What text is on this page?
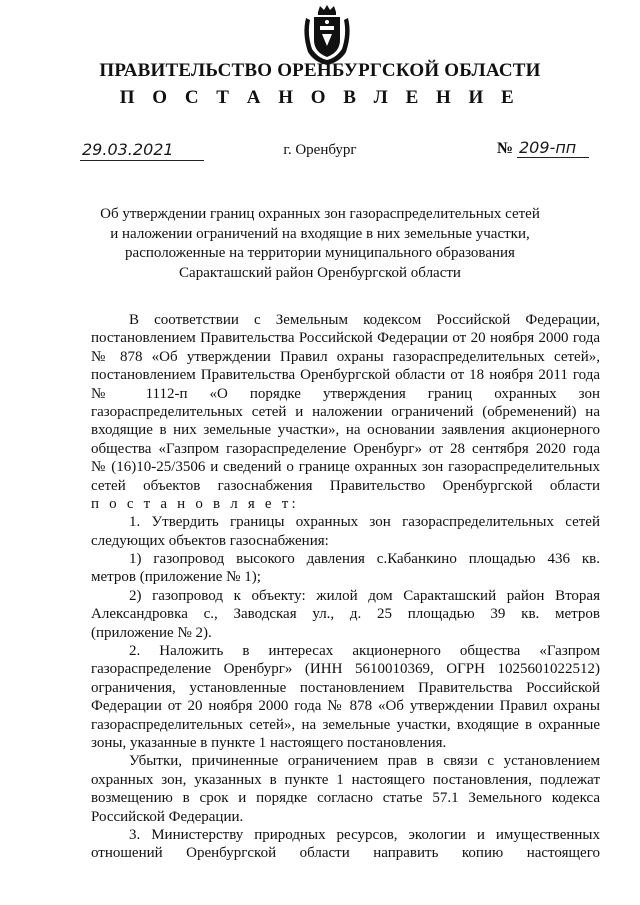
ПРАВИТЕЛЬСТВО ОРЕНБУРГСКОЙ ОБЛАСТИ
П О С Т А Н О В Л Е Н И Е
29.03.2021	г. Оренбург	№ 209-пп
Об утверждении границ охранных зон газораспределительных сетей
и наложении ограничений на входящие в них земельные участки,
расположенные на территории муниципального образования
Саракташский район Оренбургской области
В соответствии с Земельным кодексом Российской Федерации,
постановлением Правительства Российской Федерации от 20 ноября 2000 года
№ 878 «Об утверждении Правил охраны газораспределительных сетей»,
постановлением Правительства Оренбургской области от 18 ноября 2011 года
№ 1112-п «О порядке утверждения границ охранных зон
газораспределительных сетей и наложении ограничений (обременений) на
входящие в них земельные участки», на основании заявления акционерного
общества «Газпром газораспределение Оренбург» от 28 сентября 2020 года
№ (16)10-25/3506 и сведений о границе охранных зон газораспределительных
сетей объектов газоснабжения Правительство Оренбургской области
п о с т а н о в л я е т:
1. Утвердить границы охранных зон газораспределительных сетей
следующих объектов газоснабжения:
1) газопровод высокого давления с.Кабанкино площадью 436 кв.
метров (приложение № 1);
2) газопровод к объекту: жилой дом Саракташский район Вторая
Александровка с., Заводская ул., д. 25 площадью 39 кв. метров
(приложение № 2).
2. Наложить в интересах акционерного общества «Газпром
газораспределение Оренбург» (ИНН 5610010369, ОГРН 1025601022512)
ограничения, установленные постановлением Правительства Российской
Федерации от 20 ноября 2000 года № 878 «Об утверждении Правил охраны
газораспределительных сетей», на земельные участки, входящие в охранные
зоны, указанные в пункте 1 настоящего постановления.
Убытки, причиненные ограничением прав в связи с установлением
охранных зон, указанных в пункте 1 настоящего постановления, подлежат
возмещению в срок и порядке согласно статье 57.1 Земельного кодекса
Российской Федерации.
3. Министерству природных ресурсов, экологии и имущественных
отношений Оренбургской области направить копию настоящего
